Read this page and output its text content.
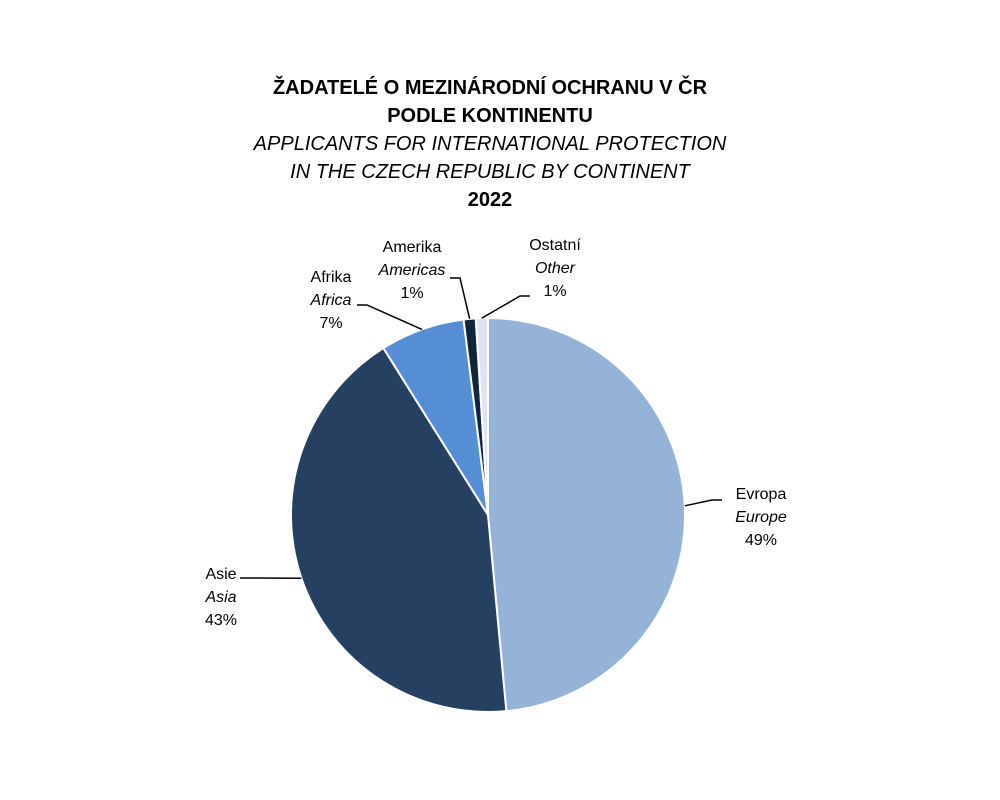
ŽADATELÉ O MEZINÁRODNÍ OCHRANU V ČR
PODLE KONTINENTU
APPLICANTS FOR INTERNATIONAL PROTECTION
IN THE CZECH REPUBLIC BY CONTINENT
2022
Evropa
Europe
49%
Asie
Asia
43%
Afrika
Africa
7%
Amerika
Americas
1%
Ostatní
Other
1%
